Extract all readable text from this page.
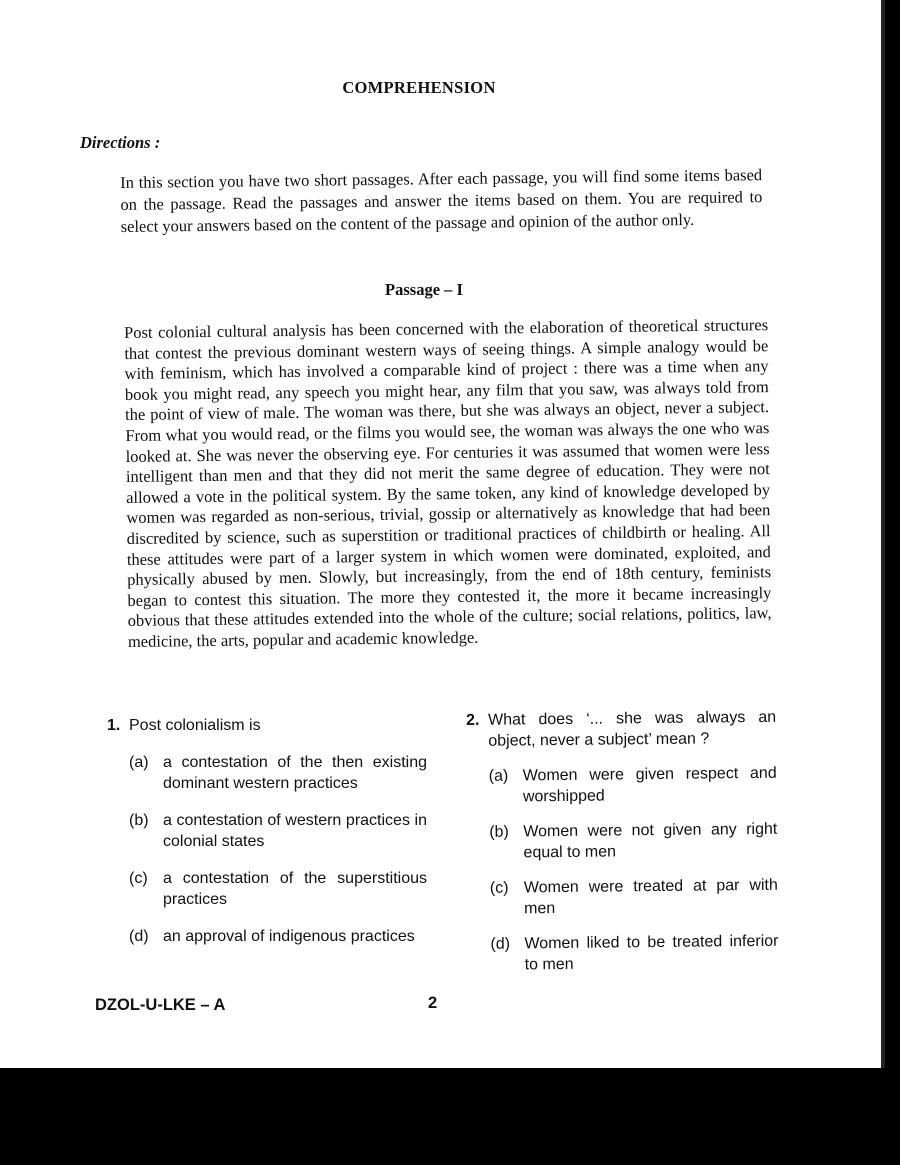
COMPREHENSION
Directions :
In this section you have two short passages. After each passage, you will find some items based on the passage. Read the passages and answer the items based on them. You are required to select your answers based on the content of the passage and opinion of the author only.
Passage – I
Post colonial cultural analysis has been concerned with the elaboration of theoretical structures that contest the previous dominant western ways of seeing things. A simple analogy would be with feminism, which has involved a comparable kind of project : there was a time when any book you might read, any speech you might hear, any film that you saw, was always told from the point of view of male. The woman was there, but she was always an object, never a subject. From what you would read, or the films you would see, the woman was always the one who was looked at. She was never the observing eye. For centuries it was assumed that women were less intelligent than men and that they did not merit the same degree of education. They were not allowed a vote in the political system. By the same token, any kind of knowledge developed by women was regarded as non-serious, trivial, gossip or alternatively as knowledge that had been discredited by science, such as superstition or traditional practices of childbirth or healing. All these attitudes were part of a larger system in which women were dominated, exploited, and physically abused by men. Slowly, but increasingly, from the end of 18th century, feminists began to contest this situation. The more they contested it, the more it became increasingly obvious that these attitudes extended into the whole of the culture; social relations, politics, law, medicine, the arts, popular and academic knowledge.
1. Post colonialism is
(a) a contestation of the then existing dominant western practices
(b) a contestation of western practices in colonial states
(c) a contestation of the superstitious practices
(d) an approval of indigenous practices
2. What does ‘... she was always an object, never a subject’ mean ?
(a) Women were given respect and worshipped
(b) Women were not given any right equal to men
(c) Women were treated at par with men
(d) Women liked to be treated inferior to men
DZOL-U-LKE – A	2
